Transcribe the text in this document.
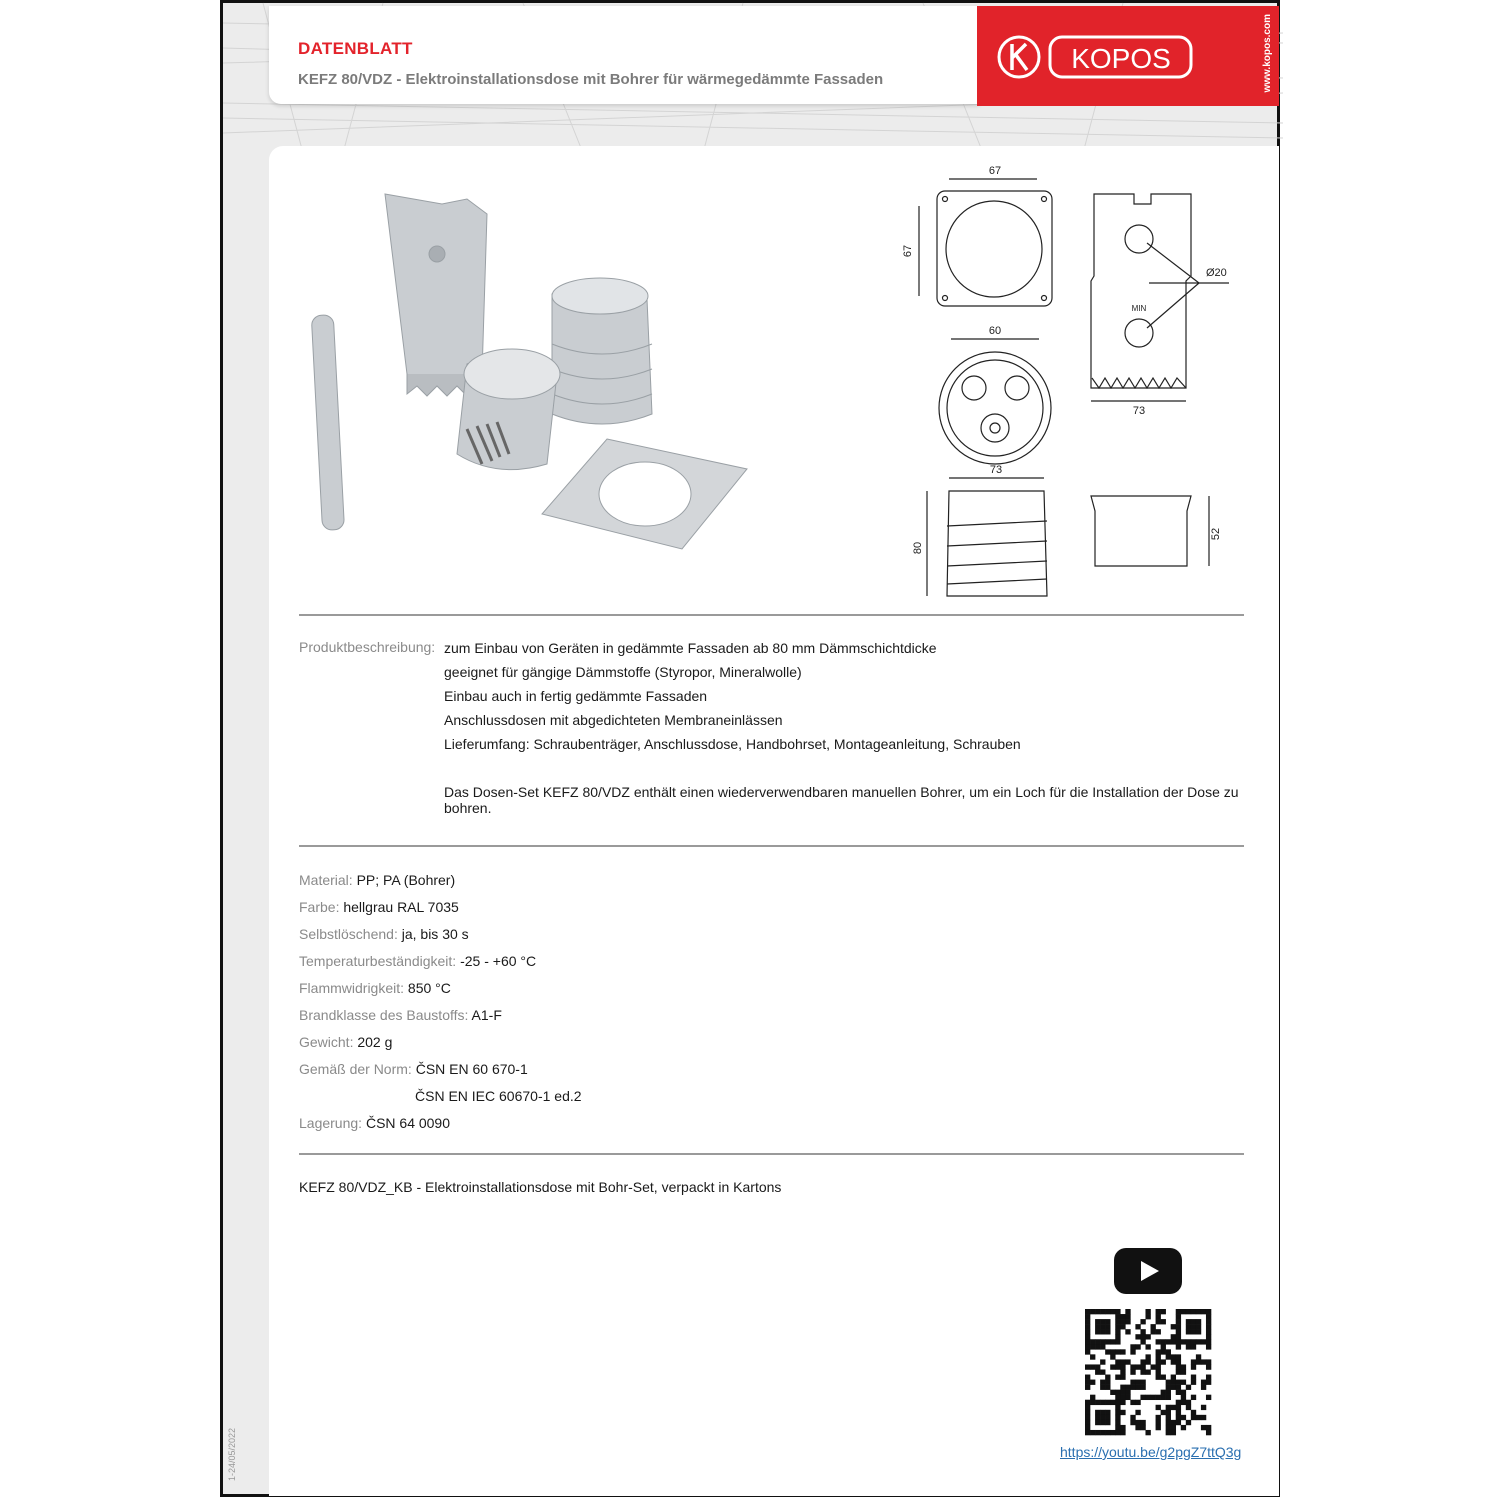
DATENBLATT
KEFZ 80/VDZ - Elektroinstallationsdose mit Bohrer für wärmegedämmte Fassaden
KOPOS	www.kopos.com
67
67
Ø20
MIN
73
60
73
80
52
Produktbeschreibung: zum Einbau von Geräten in gedämmte Fassaden ab 80 mm Dämmschichtdicke
geeignet für gängige Dämmstoffe (Styropor, Mineralwolle)
Einbau auch in fertig gedämmte Fassaden
Anschlussdosen mit abgedichteten Membraneinlässen
Lieferumfang: Schraubenträger, Anschlussdose, Handbohrset, Montageanleitung, Schrauben
Das Dosen-Set KEFZ 80/VDZ enthält einen wiederverwendbaren manuellen Bohrer, um ein Loch für die Installation der Dose zu bohren.
Material: PP; PA (Bohrer)
Farbe: hellgrau RAL 7035
Selbstlöschend: ja, bis 30 s
Temperaturbeständigkeit: -25 - +60 °C
Flammwidrigkeit: 850 °C
Brandklasse des Baustoffs: A1-F
Gewicht: 202 g
Gemäß der Norm: ČSN EN 60 670-1
ČSN EN IEC 60670-1 ed.2
Lagerung: ČSN 64 0090
KEFZ 80/VDZ_KB - Elektroinstallationsdose mit Bohr-Set, verpackt in Kartons
https://youtu.be/g2pgZ7ttQ3g
1-24/05/2022
